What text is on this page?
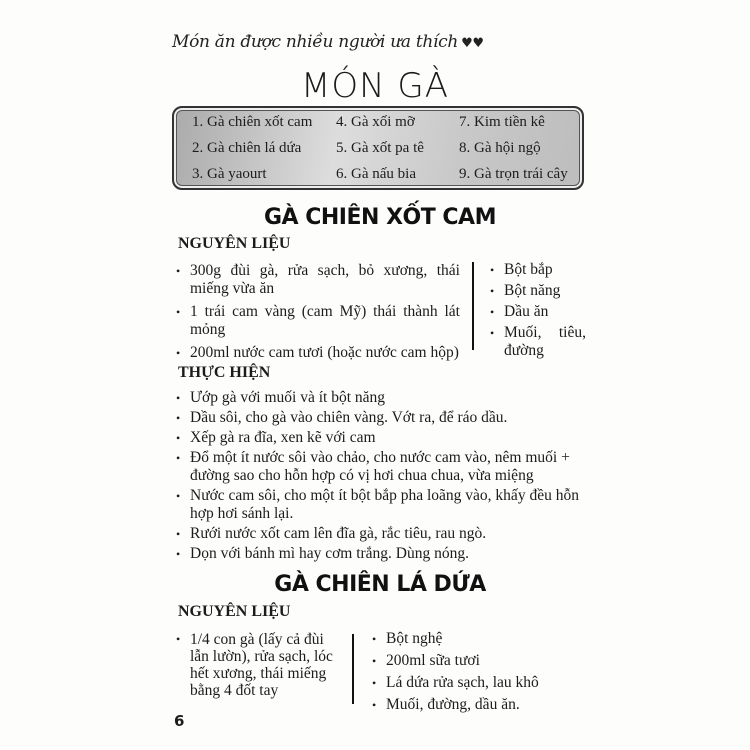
Món ăn được nhiều người ưa thích ♥♥
MÓN GÀ
1. Gà chiên xốt cam
2. Gà chiên lá dứa
3. Gà yaourt
4. Gà xối mỡ
5. Gà xốt pa tê
6. Gà nấu bia
7. Kim tiền kê
8. Gà hội ngộ
9. Gà trọn trái cây
GÀ CHIÊN XỐT CAM
NGUYÊN LIỆU
• 300g đùi gà, rửa sạch, bỏ xương, thái miếng vừa ăn
• 1 trái cam vàng (cam Mỹ) thái thành lát mỏng
• 200ml nước cam tươi (hoặc nước cam hộp)
• Bột bắp
• Bột năng
• Dầu ăn
• Muối, tiêu, đường
THỰC HIỆN
• Ướp gà với muối và ít bột năng
• Dầu sôi, cho gà vào chiên vàng. Vớt ra, để ráo dầu.
• Xếp gà ra đĩa, xen kẽ với cam
• Đổ một ít nước sôi vào chảo, cho nước cam vào, nêm muối + đường sao cho hỗn hợp có vị hơi chua chua, vừa miệng
• Nước cam sôi, cho một ít bột bắp pha loãng vào, khấy đều hỗn hợp hơi sánh lại.
• Rưới nước xốt cam lên đĩa gà, rắc tiêu, rau ngò.
• Dọn với bánh mì hay cơm trắng. Dùng nóng.
GÀ CHIÊN LÁ DỨA
NGUYÊN LIỆU
• 1/4 con gà (lấy cả đùi lẫn lườn), rửa sạch, lóc hết xương, thái miếng bằng 4 đốt tay
• Bột nghệ
• 200ml sữa tươi
• Lá dứa rửa sạch, lau khô
• Muối, đường, dầu ăn.
6
